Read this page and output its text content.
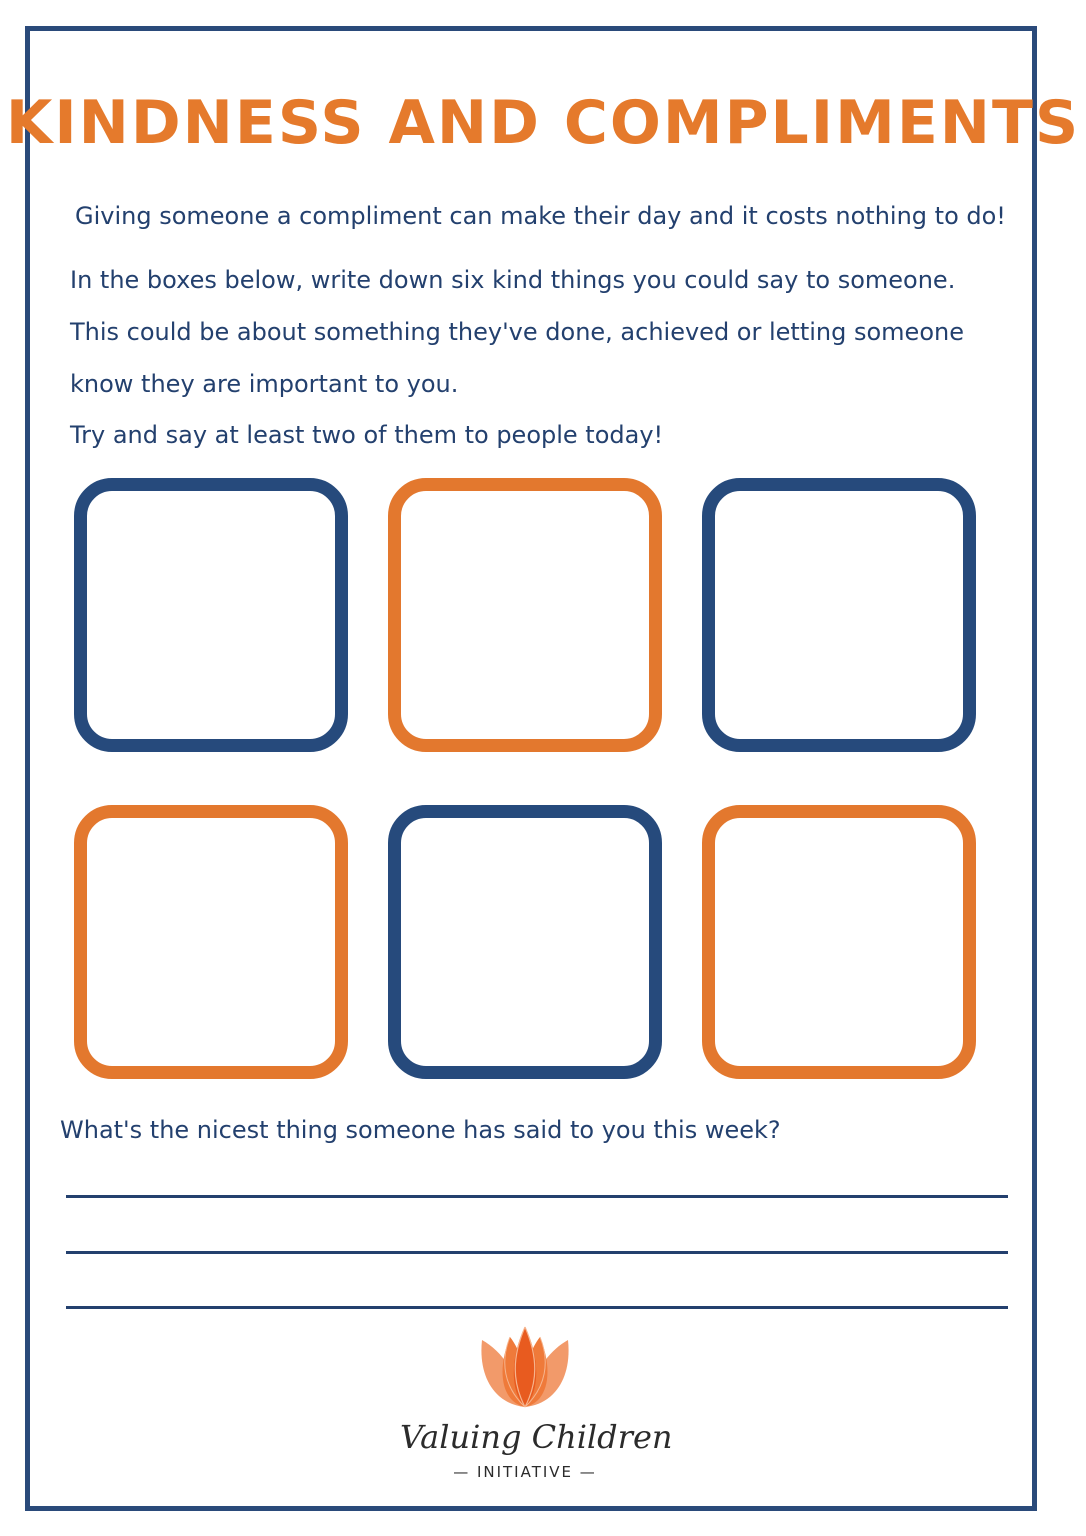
KINDNESS AND COMPLIMENTS

Giving someone a compliment can make their day and it costs nothing to do!

In the boxes below, write down six kind things you could say to someone.

This could be about something they've done, achieved or letting someone

know they are important to you.

Try and say at least two of them to people today!

What's the nicest thing someone has said to you this week?

Valuing Children
— INITIATIVE —
